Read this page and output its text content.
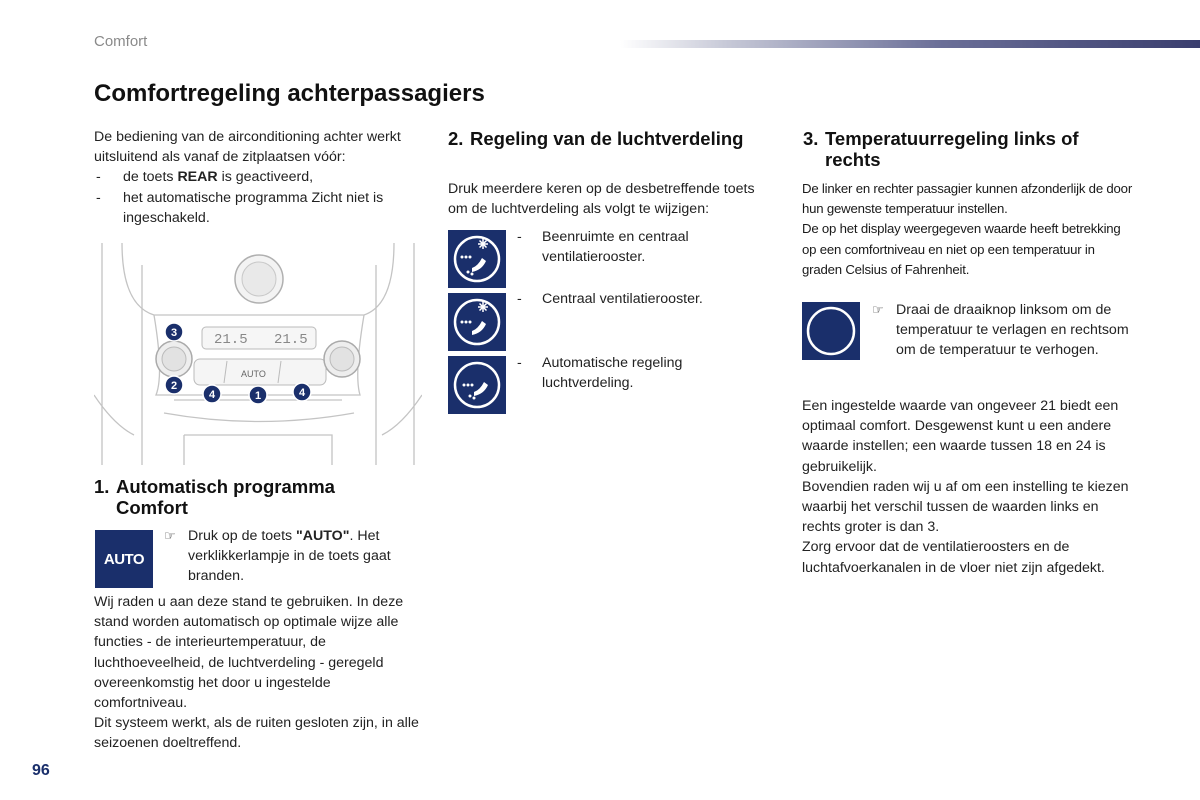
Comfort
Comfortregeling achterpassagiers

De bediening van de airconditioning achter werkt uitsluitend als vanaf de zitplaatsen vóór:

- de toets REAR is geactiveerd,
- het automatische programma Zicht niet is ingeschakeld.
21.5 21.5
AUTO
3
2
4	1	4
1. Automatisch programma
Comfort
AUTO
☞ Druk op de toets "AUTO". Het verklikkerlampje in de toets gaat branden.

Wij raden u aan deze stand te gebruiken. In deze stand worden automatisch op optimale wijze alle functies - de interieurtemperatuur, de luchthoeveelheid, de luchtverdeling - geregeld overeenkomstig het door u ingestelde comfortniveau.

Dit systeem werkt, als de ruiten gesloten zijn, in alle seizoenen doeltreffend.

2. Regeling van de luchtverdeling

Druk meerdere keren op de desbetreffende toets om de luchtverdeling als volgt te wijzigen:

- Beenruimte en centraal ventilatierooster.
- Centraal ventilatierooster.
- Automatische regeling luchtverdeling.
3. Temperatuurregeling links of
rechts

De linker en rechter passagier kunnen afzonderlijk de door hun gewenste temperatuur instellen.

De op het display weergegeven waarde heeft betrekking op een comfortniveau en niet op een temperatuur in graden Celsius of Fahrenheit.

☞ Draai de draaiknop linksom om de temperatuur te verlagen en rechtsom om de temperatuur te verhogen.

Een ingestelde waarde van ongeveer 21 biedt een optimaal comfort. Desgewenst kunt u een andere waarde instellen; een waarde tussen 18 en 24 is gebruikelijk.

Bovendien raden wij u af om een instelling te kiezen waarbij het verschil tussen de waarden links en rechts groter is dan 3.

Zorg ervoor dat de ventilatieroosters en de luchtafvoerkanalen in de vloer niet zijn afgedekt.

96
